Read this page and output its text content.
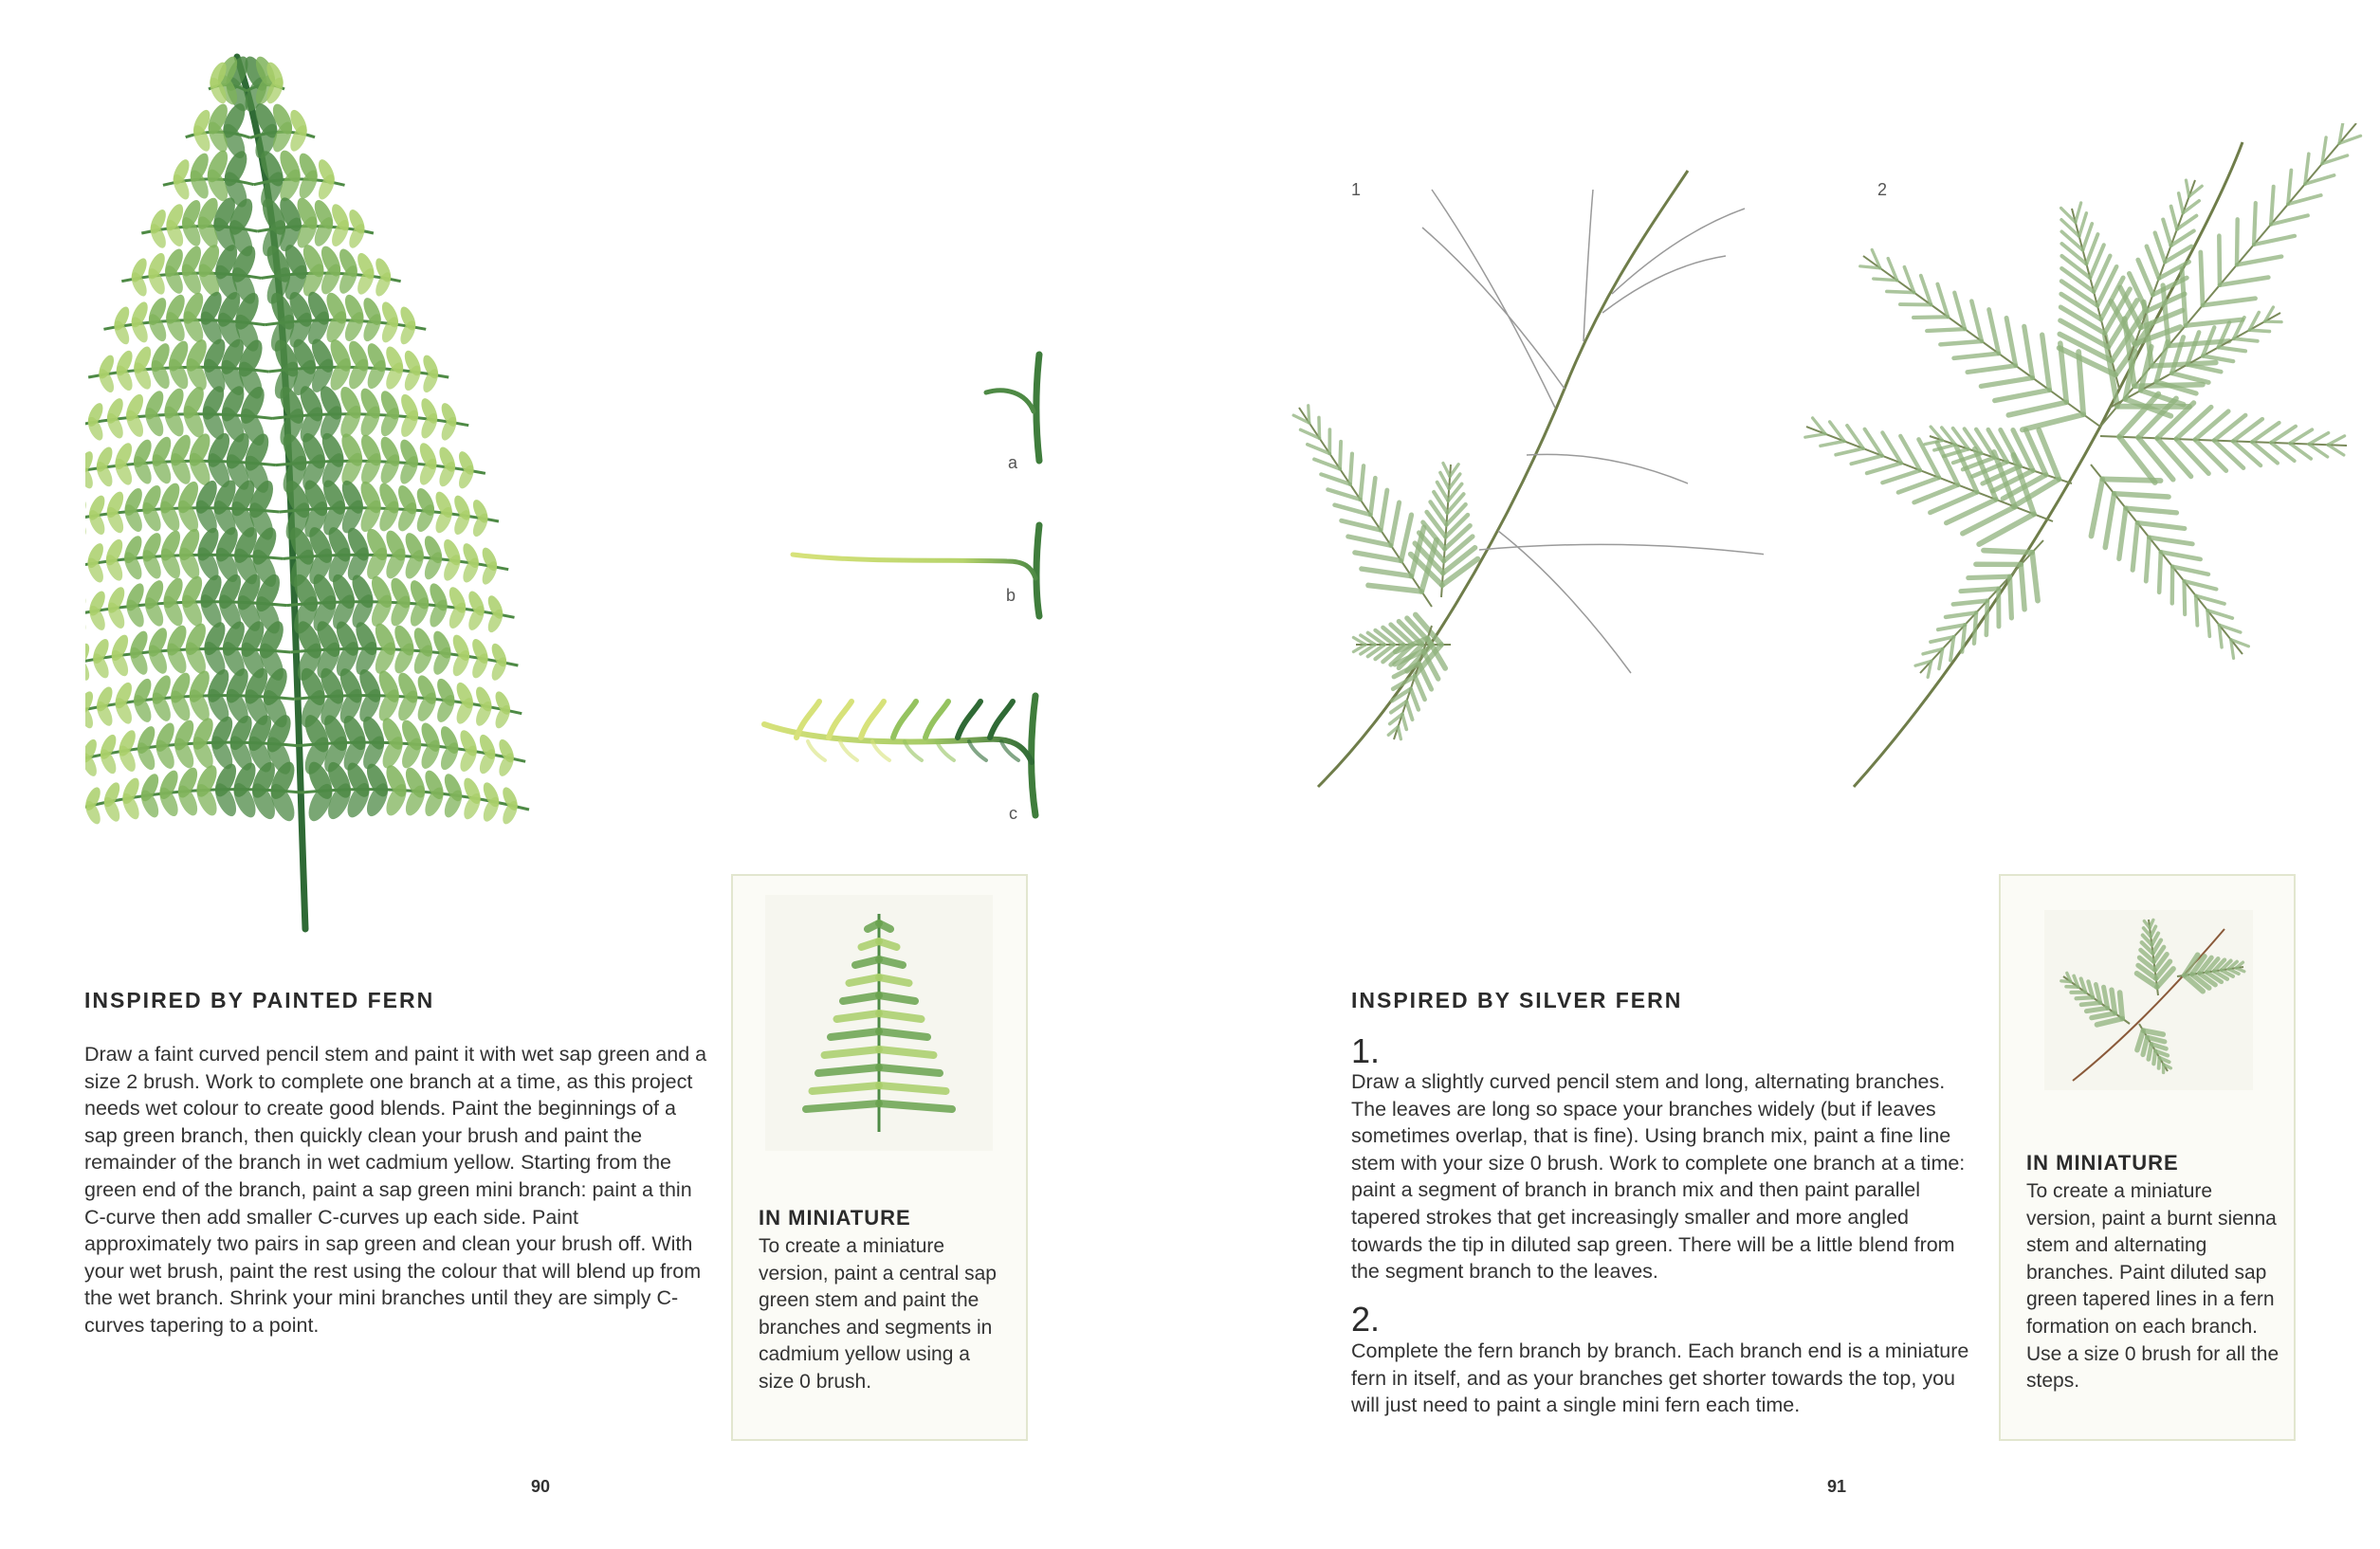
a
b
c
INSPIRED BY PAINTED FERN
Draw a faint curved pencil stem and paint it with wet sap green and a size 2 brush. Work to complete one branch at a time, as this project needs wet colour to create good blends. Paint the beginnings of a sap green branch, then quickly clean your brush and paint the remainder of the branch in wet cadmium yellow. Starting from the green end of the branch, paint a sap green mini branch: paint a thin C-curve then add smaller C-curves up each side. Paint approximately two pairs in sap green and clean your brush off. With your wet brush, paint the rest using the colour that will blend up from the wet branch. Shrink your mini branches until they are simply C-curves tapering to a point.
IN MINIATURE
To create a miniature version, paint a central sap green stem and paint the branches and segments in cadmium yellow using a size 0 brush.
90
1	2
INSPIRED BY SILVER FERN
1.
Draw a slightly curved pencil stem and long, alternating branches. The leaves are long so space your branches widely (but if leaves sometimes overlap, that is fine). Using branch mix, paint a fine line stem with your size 0 brush. Work to complete one branch at a time: paint a segment of branch in branch mix and then paint parallel tapered strokes that get increasingly smaller and more angled towards the tip in diluted sap green. There will be a little blend from the segment branch to the leaves.
2.
Complete the fern branch by branch. Each branch end is a miniature fern in itself, and as your branches get shorter towards the top, you will just need to paint a single mini fern each time.
IN MINIATURE
To create a miniature version, paint a burnt sienna stem and alternating branches. Paint diluted sap green tapered lines in a fern formation on each branch. Use a size 0 brush for all the steps.
91
